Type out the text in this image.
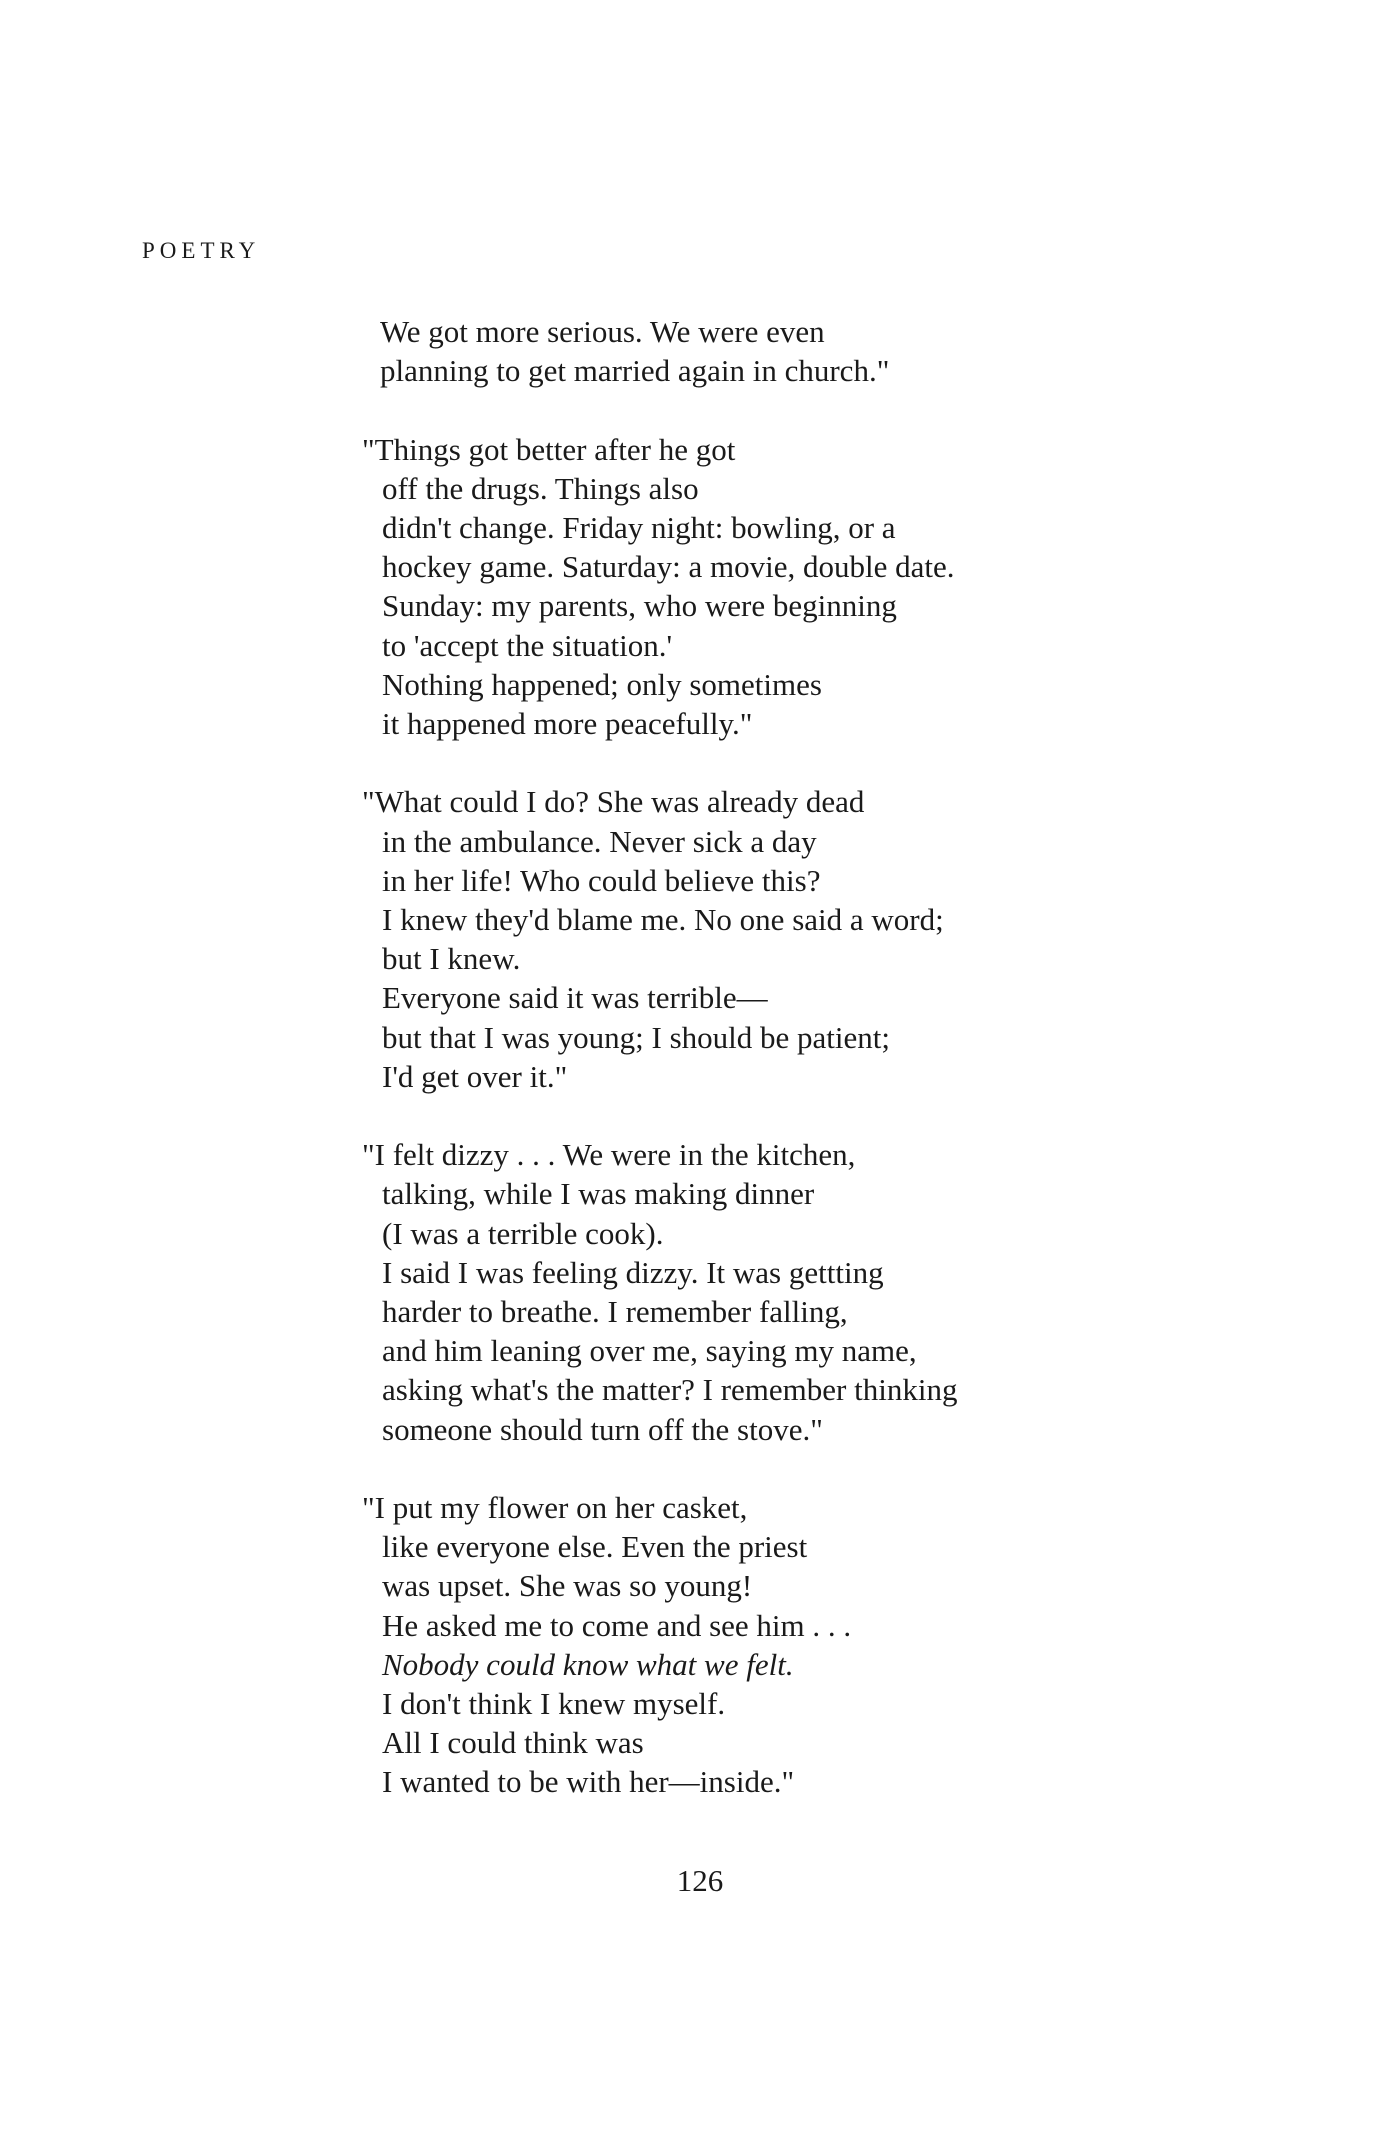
POETRY
We got more serious. We were even
planning to get married again in church."
"Things got better after he got
off the drugs. Things also
didn't change. Friday night: bowling, or a
hockey game. Saturday: a movie, double date.
Sunday: my parents, who were beginning
to 'accept the situation.'
Nothing happened; only sometimes
it happened more peacefully."
"What could I do? She was already dead
in the ambulance. Never sick a day
in her life! Who could believe this?
I knew they'd blame me. No one said a word;
but I knew.
Everyone said it was terrible—
but that I was young; I should be patient;
I'd get over it."
"I felt dizzy . . . We were in the kitchen,
talking, while I was making dinner
(I was a terrible cook).
I said I was feeling dizzy. It was gettting
harder to breathe. I remember falling,
and him leaning over me, saying my name,
asking what's the matter? I remember thinking
someone should turn off the stove."
"I put my flower on her casket,
like everyone else. Even the priest
was upset. She was so young!
He asked me to come and see him . . .
Nobody could know what we felt.
I don't think I knew myself.
All I could think was
I wanted to be with her—inside."
126
